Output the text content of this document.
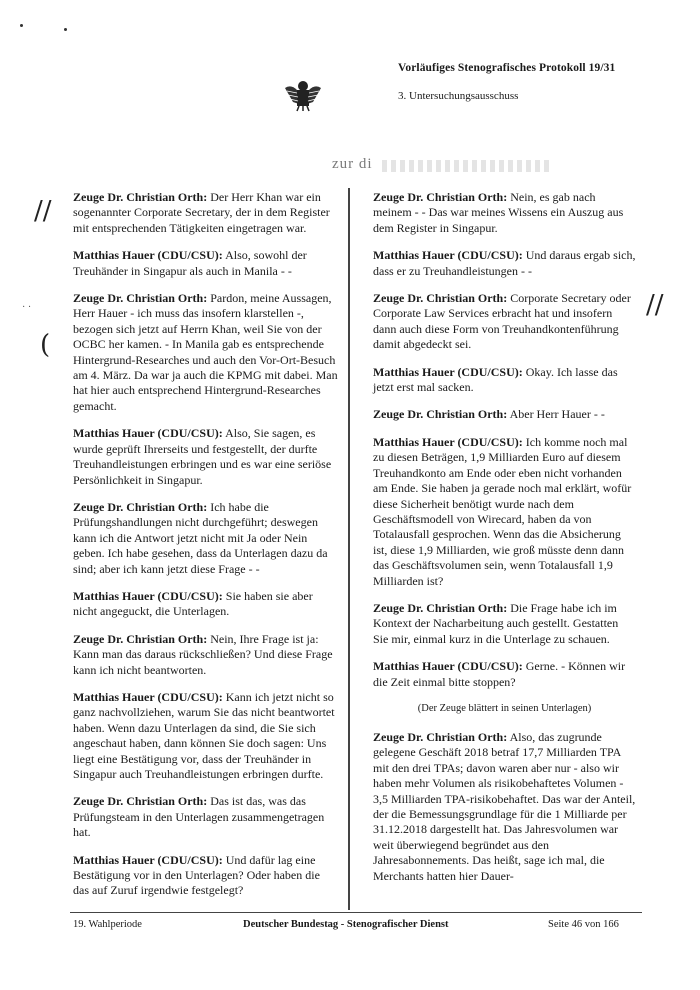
Vorläufiges Stenografisches Protokoll 19/31
3. Untersuchungsausschuss
zur di
//
(
//
· ·

Zeuge Dr. Christian Orth: Der Herr Khan war ein sogenannter Corporate Secretary, der in dem Register mit entsprechenden Tätigkeiten eingetragen war.

Matthias Hauer (CDU/CSU): Also, sowohl der Treuhänder in Singapur als auch in Manila - -

Zeuge Dr. Christian Orth: Pardon, meine Aussagen, Herr Hauer - ich muss das insofern klarstellen -, bezogen sich jetzt auf Herrn Khan, weil Sie von der OCBC her kamen. - In Manila gab es entsprechende Hintergrund-Researches und auch den Vor-Ort-Besuch am 4. März. Da war ja auch die KPMG mit dabei. Man hat hier auch entsprechend Hintergrund-Researches gemacht.

Matthias Hauer (CDU/CSU): Also, Sie sagen, es wurde geprüft Ihrerseits und festgestellt, der durfte Treuhandleistungen erbringen und es war eine seriöse Persönlichkeit in Singapur.

Zeuge Dr. Christian Orth: Ich habe die Prüfungshandlungen nicht durchgeführt; deswegen kann ich die Antwort jetzt nicht mit Ja oder Nein geben. Ich habe gesehen, dass da Unterlagen dazu da sind; aber ich kann jetzt diese Frage - -

Matthias Hauer (CDU/CSU): Sie haben sie aber nicht angeguckt, die Unterlagen.

Zeuge Dr. Christian Orth: Nein, Ihre Frage ist ja: Kann man das daraus rückschließen? Und diese Frage kann ich nicht beantworten.

Matthias Hauer (CDU/CSU): Kann ich jetzt nicht so ganz nachvollziehen, warum Sie das nicht beantwortet haben. Wenn dazu Unterlagen da sind, die Sie sich angeschaut haben, dann können Sie doch sagen: Uns liegt eine Bestätigung vor, dass der Treuhänder in Singapur auch Treuhandleistungen erbringen durfte.

Zeuge Dr. Christian Orth: Das ist das, was das Prüfungsteam in den Unterlagen zusammengetragen hat.

Matthias Hauer (CDU/CSU): Und dafür lag eine Bestätigung vor in den Unterlagen? Oder haben die das auf Zuruf irgendwie festgelegt?

Zeuge Dr. Christian Orth: Nein, es gab nach meinem - - Das war meines Wissens ein Auszug aus dem Register in Singapur.

Matthias Hauer (CDU/CSU): Und daraus ergab sich, dass er zu Treuhandleistungen - -

Zeuge Dr. Christian Orth: Corporate Secretary oder Corporate Law Services erbracht hat und insofern dann auch diese Form von Treuhandkontenführung damit abgedeckt sei.

Matthias Hauer (CDU/CSU): Okay. Ich lasse das jetzt erst mal sacken.

Zeuge Dr. Christian Orth: Aber Herr Hauer - -

Matthias Hauer (CDU/CSU): Ich komme noch mal zu diesen Beträgen, 1,9 Milliarden Euro auf diesem Treuhandkonto am Ende oder eben nicht vorhanden am Ende. Sie haben ja gerade noch mal erklärt, wofür diese Sicherheit benötigt wurde nach dem Geschäftsmodell von Wirecard, haben da von Totalausfall gesprochen. Wenn das die Absicherung ist, diese 1,9 Milliarden, wie groß müsste denn dann das Geschäftsvolumen sein, wenn Totalausfall 1,9 Milliarden ist?

Zeuge Dr. Christian Orth: Die Frage habe ich im Kontext der Nacharbeitung auch gestellt. Gestatten Sie mir, einmal kurz in die Unterlage zu schauen.

Matthias Hauer (CDU/CSU): Gerne. - Können wir die Zeit einmal bitte stoppen?

(Der Zeuge blättert in seinen Unterlagen)

Zeuge Dr. Christian Orth: Also, das zugrunde gelegene Geschäft 2018 betraf 17,7 Milliarden TPA mit den drei TPAs; davon waren aber nur - also wir haben mehr Volumen als risikobehaftetes Volumen - 3,5 Milliarden TPA-risikobehaftet. Das war der Anteil, der die Bemessungsgrundlage für die 1 Milliarde per 31.12.2018 dargestellt hat. Das Jahresvolumen war weit überwiegend begründet aus den Jahresabonnements. Das heißt, sage ich mal, die Merchants hatten hier Dauer-

19. Wahlperiode	Deutscher Bundestag - Stenografischer Dienst	Seite 46 von 166
